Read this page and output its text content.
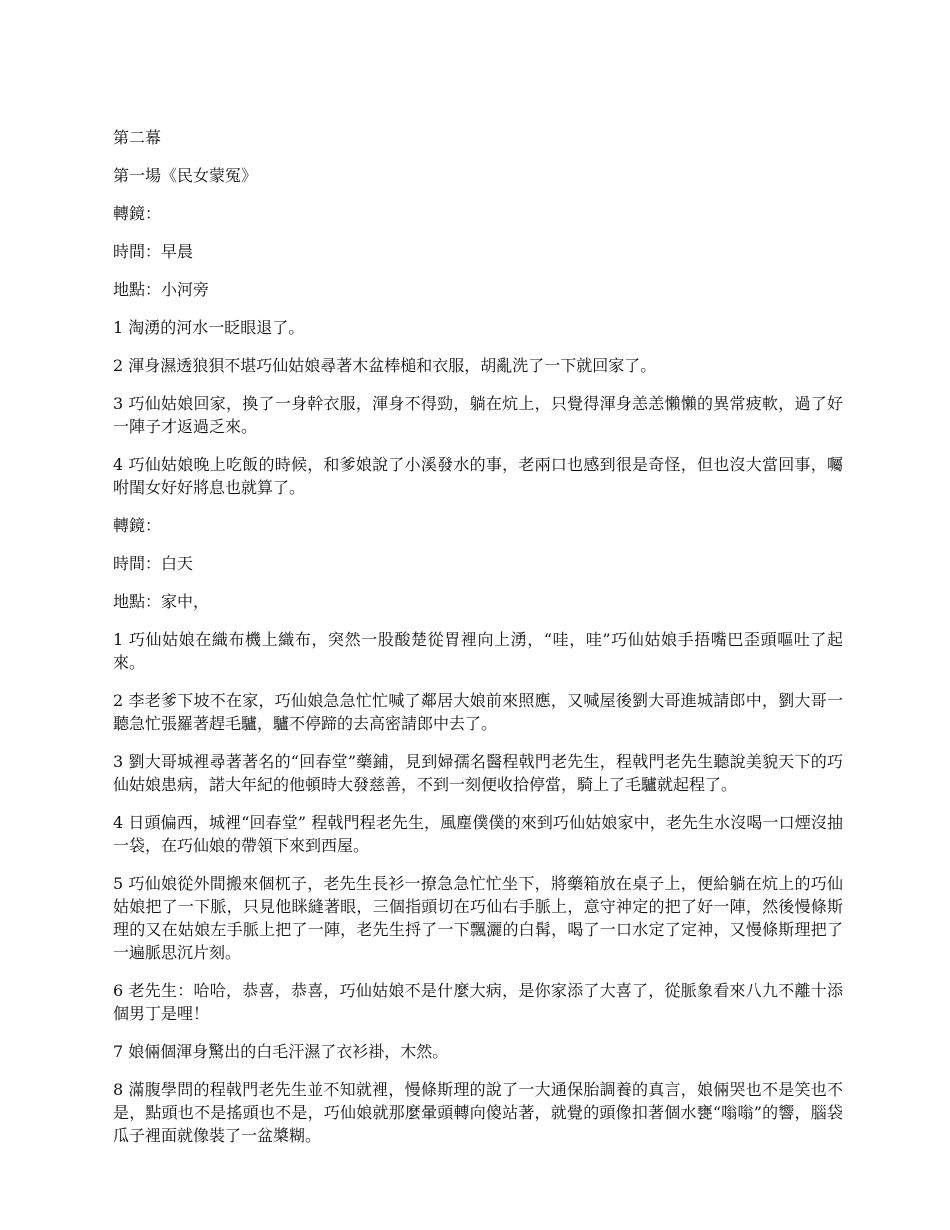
第二幕

第一場《民女蒙冤》

轉鏡：

時間：早晨

地點：小河旁

1 淘湧的河水一眨眼退了。

2 渾身濕透狼狽不堪巧仙姑娘尋著木盆棒槌和衣服，胡亂洗了一下就回家了。

3 巧仙姑娘回家，換了一身幹衣服，渾身不得勁，躺在炕上，只覺得渾身恙恙懶懶的異常疲軟，過了好一陣子才返過乏來。

4 巧仙姑娘晚上吃飯的時候，和爹娘說了小溪發水的事，老兩口也感到很是奇怪，但也沒大當回事，囑咐閨女好好將息也就算了。

轉鏡：

時間：白天

地點：家中，

1 巧仙姑娘在織布機上織布，突然一股酸楚從胃裡向上湧，“哇，哇”巧仙姑娘手捂嘴巴歪頭嘔吐了起來。

2 李老爹下坡不在家，巧仙娘急急忙忙喊了鄰居大娘前來照應，又喊屋後劉大哥進城請郎中，劉大哥一聽急忙張羅著趕毛驢，驢不停蹄的去高密請郎中去了。

3 劉大哥城裡尋著著名的“回春堂”藥鋪，見到婦孺名醫程戟門老先生，程戟門老先生聽說美貌天下的巧仙姑娘患病，諾大年紀的他頓時大發慈善，不到一刻便收拾停當，騎上了毛驢就起程了。

4 日頭偏西，城裡“回春堂” 程戟門程老先生，風塵僕僕的來到巧仙姑娘家中，老先生水沒喝一口煙沒抽一袋，在巧仙娘的帶領下來到西屋。

5 巧仙娘從外間搬來個杌子，老先生長衫一撩急急忙忙坐下，將藥箱放在桌子上，便給躺在炕上的巧仙姑娘把了一下脈，只見他眯縫著眼，三個指頭切在巧仙右手脈上，意守神定的把了好一陣，然後慢條斯理的又在姑娘左手脈上把了一陣，老先生捋了一下飄灑的白髯，喝了一口水定了定神，又慢條斯理把了一遍脈思沉片刻。

6 老先生：哈哈，恭喜，恭喜，巧仙姑娘不是什麼大病，是你家添了大喜了，從脈象看來八九不離十添個男丁是哩！

7 娘倆個渾身驚出的白毛汗濕了衣衫褂，木然。

8 滿腹學問的程戟門老先生並不知就裡，慢條斯理的說了一大通保胎調養的真言，娘倆哭也不是笑也不是，點頭也不是搖頭也不是，巧仙娘就那麼暈頭轉向傻站著，就覺的頭像扣著個水甕“嗡嗡”的響，腦袋瓜子裡面就像裝了一盆槳糊。
